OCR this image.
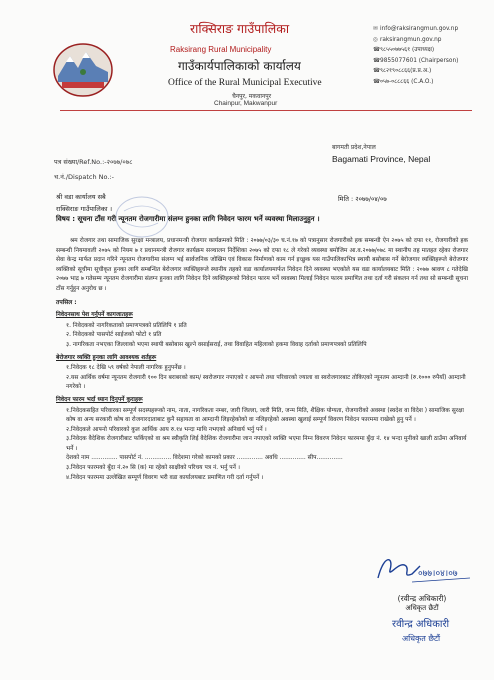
राक्सिराङ गाउँपालिका
Raksirang Rural Municipality
गाउँकार्यपालिकाको कार्यालय
Office of the Rural Municipal Executive
चैनपुर, मकवानपुर
Chainpur, Makwanpur
✉ info@raksirangmun.gov.np
◎ raksirangmun.gov.np
☎९८५५०७७५६१ (उपाध्यक्ष)
☎9855077601 (Chairperson)
☎९८२१९०८८६६(प्र.प्र.अ.)
☎०५७-०८८८६६ (C.A.O.)
पत्र संख्या/Ref.No.:-२०७७/०७८
च.नं./Dispatch No.:-
बागमती प्रदेश,नेपाल
Bagamati Province, Nepal
श्री वडा कार्यालय सबै
राक्सिराङ गाउँपालिका ।
मिति : २०७७/०४/०७
विषय : सूचना टाँस गरी न्यूनतम रोजगारीमा संलग्न हुनका लागि निवेदन फारम भर्ने व्यवस्था मिलाउनुहुन ।

श्रम रोजगार तथा सामाजिक सुरक्षा मन्त्रालय, प्रधानमन्त्री रोजगार कार्यक्रमको मिति : २०७७/०३/३० च.नं.१७ को पत्रानुसार रोजगारीको हक सम्बन्धी ऐन २०७५ को दफा ११, रोजगारीको हक सम्बन्धी नियमावली २०७५ को नियम ७ र प्रधानमन्त्री रोजगार कार्यक्रम सञ्चालन निर्देशिका २०७५ को दफा १८ ले गरेको व्यवस्था बमोजिम आ.व.२०७७/०७८ मा स्थानीय तह मातहत रहेका रोजगार सेवा केन्द्र मार्फत प्रदान गरिने न्यूनतम रोजगारीमा संलग्न भई सार्वजनिक जोखिम एवं विकास निर्माणको काम गर्न इच्छुक यस गाउँपालिकाभित्र स्थायी बसोबास गर्ने बेरोजगार व्यक्तिहरूले बेरोजगार व्यक्तिको सूचीमा सूचीकृत हुनका लागि सम्बन्धित बेरोजगार व्यक्तिहरूले स्थानीय तहको वडा कार्यालयमार्फत निवेदन दिने व्यवस्था भएकोले यस वडा कार्यालयबाट मिति : २०७७ श्रावण ८ गतेदेखि २०७७ भाद्र ७ गतेसम्म न्यूनतम रोजगारीमा संलग्न हुनका लागि निवेदन दिने व्यक्तिहरूको निवेदन फारम भर्ने व्यवस्था मिलाई निवेदन फारम प्रमाणित तथा दर्ता गरी संकलन गर्न तथा सो सम्बन्धी सूचना टाँस गर्नुहुन अनुरोध छ ।

तपसिल :
निवेदनसाथ पेश गर्नुपर्ने कागजातहरू
१. निवेदकको नागरिकताको प्रमाणपत्रको प्रतिलिपि १ प्रति
२. निवेदकको पासपोर्ट साईजको फोटो १ प्रति
३. नागरिकता नभएका जिल्लाको भएमा स्थायी बसोबास खुल्ने वसाईसराई, तथा विवाहित महिलाको हकमा विवाह दर्ताको प्रमाणपत्रको प्रतिलिपि
बेरोजगार व्यक्ति हुनका लागि आवश्यक शर्तहरू
१.निवेदक १८ देखि ५९ वर्षको नेपाली नागरिक हुनुपर्नेछ ।
२.यस आर्थिक वर्षमा न्यूनतम रोजगारी १०० दिन बराबरको काम/ स्वरोजगार नपाएको र आफ्नो तथा परिवारको ज्याला वा स्वरोजगारबाट तोकिएको न्यूनतम आम्दानी (रु.१००० रुपैयाँ) आम्दानी नगरेको ।
निवेदन फारम भर्दा ध्यान दिनुपर्ने कुराहरू
१.निवेदकसहित परिवारका सम्पूर्ण सदस्यहरूको नाम, नाता, नागरिकता नम्बर, जारी जिल्ला, जारी मिति, जन्म मिति, शैक्षिक योग्यता, रोजगारीको अवस्था (स्वदेश वा विदेश ) सामाजिक सुरक्षा कोष वा अन्य सरकारी कोष वा रोजगारदाताबाट कुनै सहायता वा आम्दानी लिइरहेकोको वा नलिइरहेको अवस्था खुलाई सम्पूर्ण विवरण निवेदन फारममा राखेको हुनु पर्ने ।
२.निवेदकले आफ्नो परिवारको कुल आर्थिक आय रु.१४ भन्दा माथि नभएको अनिवार्य भर्नु पर्ने ।
३.निवेदक वैदेशिक रोजगारीबाट फर्किएको वा श्रम स्वीकृति लिई वैदेशिक रोजगारीमा जान नपाएको व्यक्ति भएमा निम्न विवरण निवेदन फारममा बुँदा नं. १४ भन्दा मुनीको खाली ठाउँमा अनिवार्य भर्ने ।
देशको नाम .............. पासपोर्ट नं. .............. विदेशमा गरेको कामको प्रकार .............. अवधि .............. सीप..............
३.निवेदन फारमको बुँदा नं.२० सि (क) मा रहेको साक्षीको परिचय पत्र नं. भर्नु पर्ने ।
४.निवेदन फारममा उल्लेखित सम्पूर्ण विवरण भरी वडा कार्यालयबाट प्रमाणित गरी दर्ता गर्नुपर्ने ।
०७७।०४।०७
(रवीन्द्र अधिकारी)
अधिकृत छैटौं
रवीन्द्र अधिकारी
अधिकृत छैटौं
